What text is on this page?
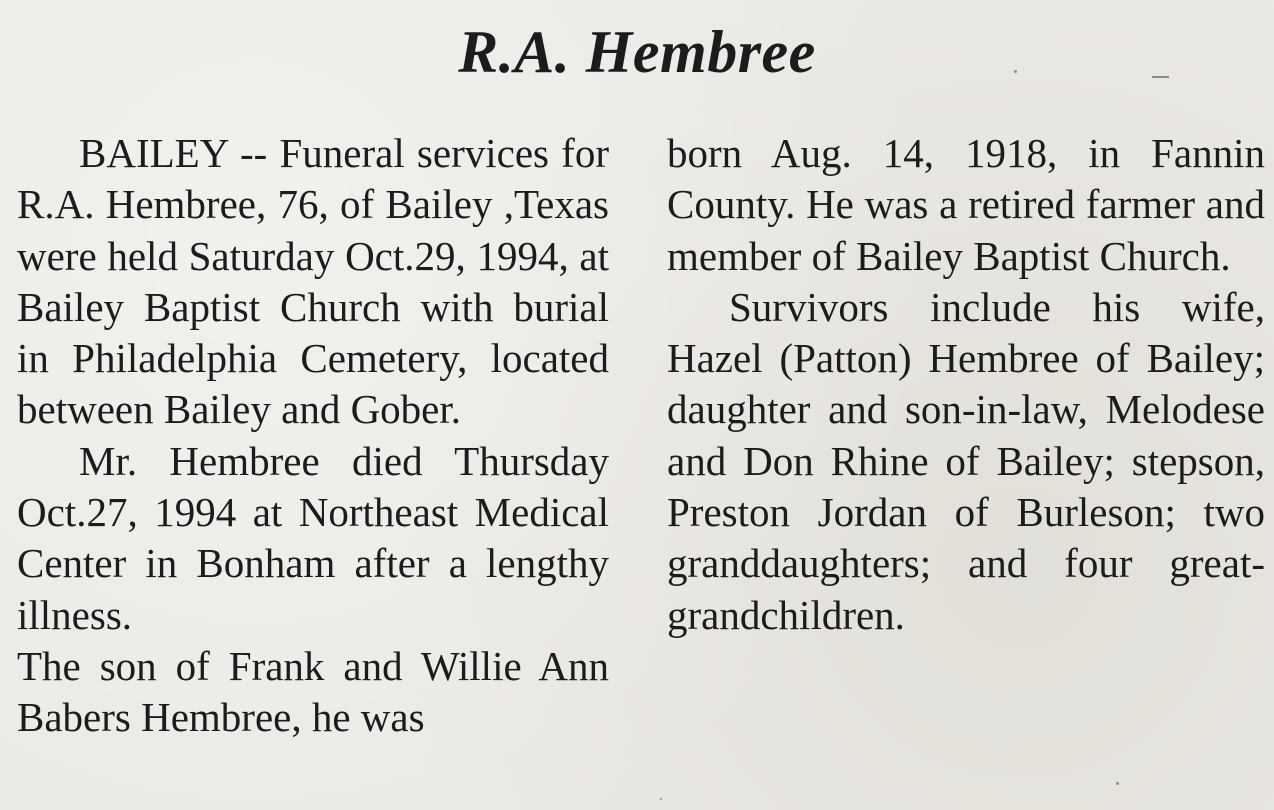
R.A. Hembree

BAILEY -- Funeral services for R.A. Hembree, 76, of Bailey ,Texas were held Saturday Oct.29, 1994, at Bailey Baptist Church with burial in Philadelphia Cemetery, located between Bailey and Gober.

Mr. Hembree died Thursday Oct.27, 1994 at Northeast Medical Center in Bonham after a lengthy illness.

The son of Frank and Willie Ann Babers Hembree, he was

born Aug. 14, 1918, in Fannin County. He was a retired farmer and member of Bailey Baptist Church.

Survivors include his wife, Hazel (Patton) Hembree of Bailey; daughter and son-in-law, Melodese and Don Rhine of Bailey; stepson, Preston Jordan of Burleson; two granddaughters; and four great-grandchildren.
